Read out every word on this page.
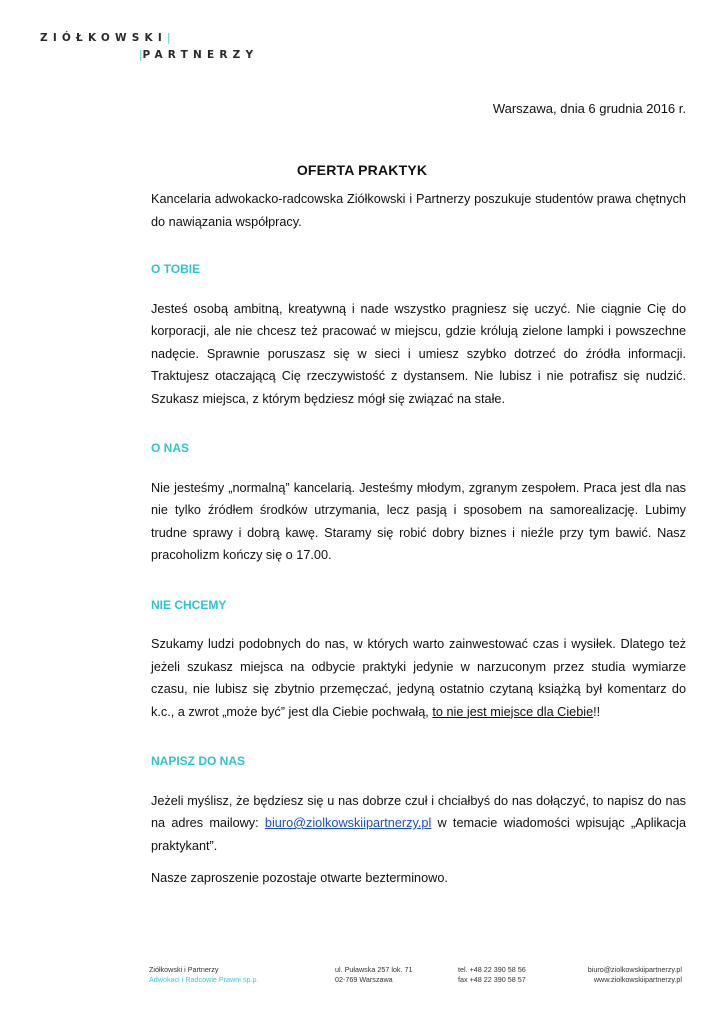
ZIÓŁKOWSKI|
|PARTNERZY
Warszawa, dnia 6 grudnia 2016 r.
OFERTA PRAKTYK

Kancelaria adwokacko-radcowska Ziółkowski i Partnerzy poszukuje studentów prawa chętnych do nawiązania współpracy.

O TOBIE

Jesteś osobą ambitną, kreatywną i nade wszystko pragniesz się uczyć. Nie ciągnie Cię do korporacji, ale nie chcesz też pracować w miejscu, gdzie królują zielone lampki i powszechne nadęcie. Sprawnie poruszasz się w sieci i umiesz szybko dotrzeć do źródła informacji. Traktujesz otaczającą Cię rzeczywistość z dystansem. Nie lubisz i nie potrafisz się nudzić. Szukasz miejsca, z którym będziesz mógł się związać na stałe.

O NAS

Nie jesteśmy „normalną” kancelarią. Jesteśmy młodym, zgranym zespołem. Praca jest dla nas nie tylko źródłem środków utrzymania, lecz pasją i sposobem na samorealizację. Lubimy trudne sprawy i dobrą kawę. Staramy się robić dobry biznes i nieźle przy tym bawić. Nasz pracoholizm kończy się o 17.00.

NIE CHCEMY

Szukamy ludzi podobnych do nas, w których warto zainwestować czas i wysiłek. Dlatego też jeżeli szukasz miejsca na odbycie praktyki jedynie w narzuconym przez studia wymiarze czasu, nie lubisz się zbytnio przemęczać, jedyną ostatnio czytaną książką był komentarz do k.c., a zwrot „może być” jest dla Ciebie pochwałą, to nie jest miejsce dla Ciebie!!

NAPISZ DO NAS

Jeżeli myślisz, że będziesz się u nas dobrze czuł i chciałbyś do nas dołączyć, to napisz do nas na adres mailowy: biuro@ziolkowskiipartnerzy.pl w temacie wiadomości wpisując „Aplikacja praktykant”.

Nasze zaproszenie pozostaje otwarte bezterminowo.

Ziółkowski i Partnerzy
Adwokaci i Radcowie Prawni sp.p.
ul. Puławska 257 lok. 71
02-769 Warszawa
tel. +48 22 390 58 56
fax +48 22 390 58 57
biuro@ziolkowskiipartnerzy.pl
www.ziolkowskiipartnerzy.pl
